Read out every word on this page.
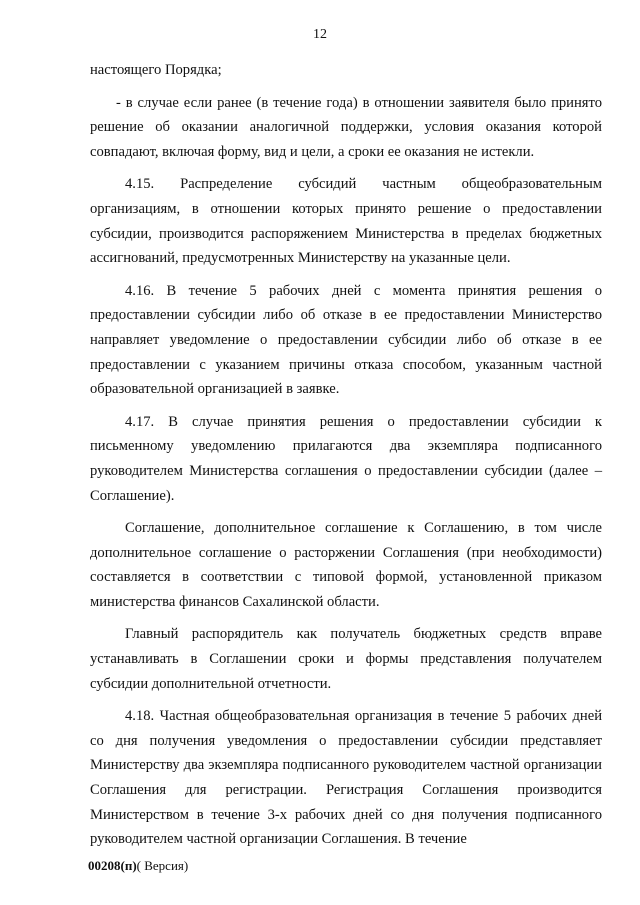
12

настоящего Порядка;

- в случае если ранее (в течение года) в отношении заявителя было принято решение об оказании аналогичной поддержки, условия оказания которой совпадают, включая форму, вид и цели, а сроки ее оказания не истекли.

4.15. Распределение субсидий частным общеобразовательным организациям, в отношении которых принято решение о предоставлении субсидии, производится распоряжением Министерства в пределах бюджетных ассигнований, предусмотренных Министерству на указанные цели.

4.16. В течение 5 рабочих дней с момента принятия решения о предоставлении субсидии либо об отказе в ее предоставлении Министерство направляет уведомление о предоставлении субсидии либо об отказе в ее предоставлении с указанием причины отказа способом, указанным частной образовательной организацией в заявке.

4.17. В случае принятия решения о предоставлении субсидии к письменному уведомлению прилагаются два экземпляра подписанного руководителем Министерства соглашения о предоставлении субсидии (далее – Соглашение).

Соглашение, дополнительное соглашение к Соглашению, в том числе дополнительное соглашение о расторжении Соглашения (при необходимости) составляется в соответствии с типовой формой, установленной приказом министерства финансов Сахалинской области.

Главный распорядитель как получатель бюджетных средств вправе устанавливать в Соглашении сроки и формы представления получателем субсидии дополнительной отчетности.

4.18. Частная общеобразовательная организация в течение 5 рабочих дней со дня получения уведомления о предоставлении субсидии представляет Министерству два экземпляра подписанного руководителем частной организации Соглашения для регистрации. Регистрация Соглашения производится Министерством в течение 3-х рабочих дней со дня получения подписанного руководителем частной организации Соглашения. В течение

00208(п)( Версия)
